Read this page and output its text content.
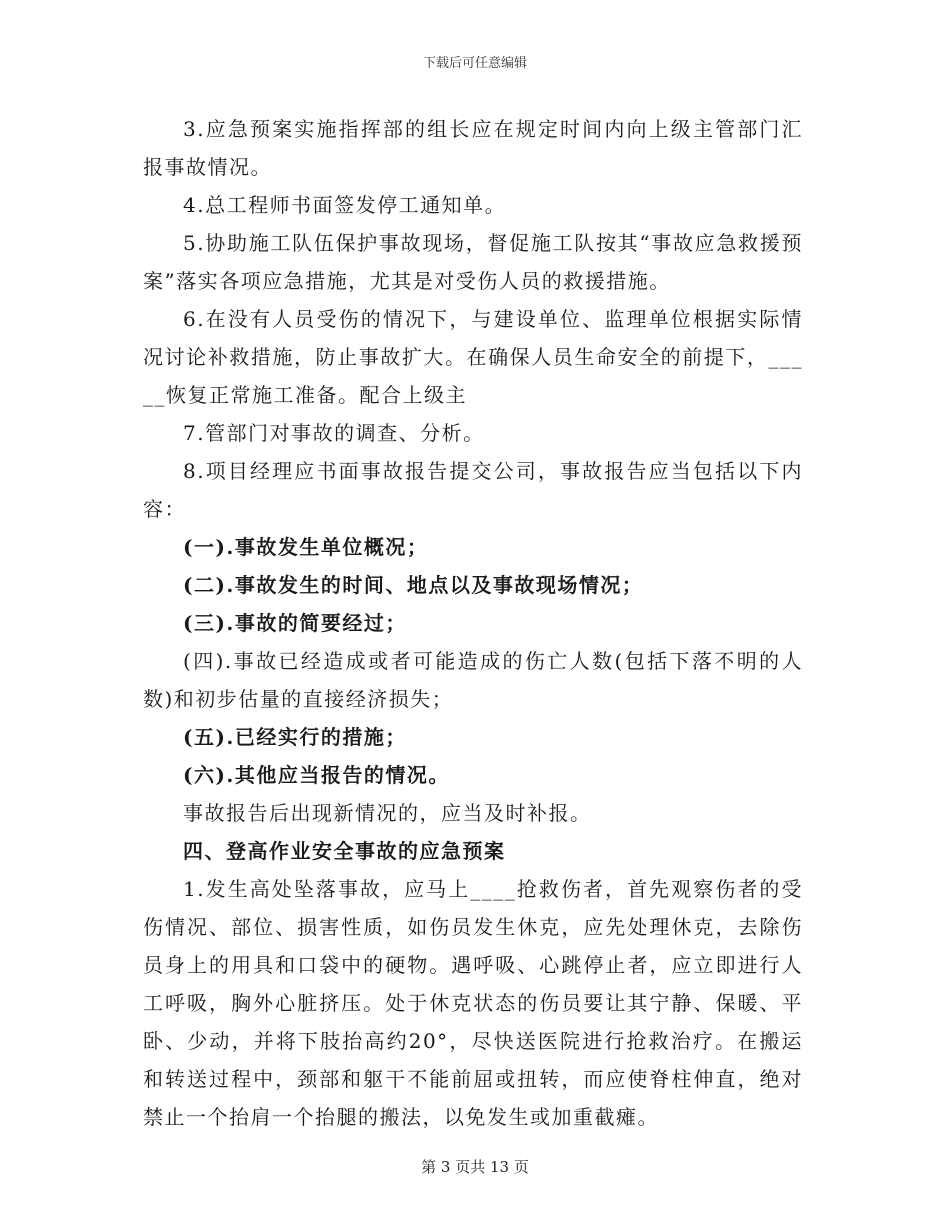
下载后可任意编辑

3.应急预案实施指挥部的组长应在规定时间内向上级主管部门汇报事故情况。

4.总工程师书面签发停工通知单。

5.协助施工队伍保护事故现场，督促施工队按其“事故应急救援预案”落实各项应急措施，尤其是对受伤人员的救援措施。

6.在没有人员受伤的情况下，与建设单位、监理单位根据实际情况讨论补救措施，防止事故扩大。在确保人员生命安全的前提下，_____恢复正常施工准备。配合上级主

7.管部门对事故的调查、分析。

8.项目经理应书面事故报告提交公司，事故报告应当包括以下内容：

(一).事故发生单位概况；

(二).事故发生的时间、地点以及事故现场情况；

(三).事故的简要经过；

(四).事故已经造成或者可能造成的伤亡人数(包括下落不明的人数)和初步估量的直接经济损失；

(五).已经实行的措施；

(六).其他应当报告的情况。

事故报告后出现新情况的，应当及时补报。

四、登高作业安全事故的应急预案

1.发生高处坠落事故，应马上____抢救伤者，首先观察伤者的受伤情况、部位、损害性质，如伤员发生休克，应先处理休克，去除伤员身上的用具和口袋中的硬物。遇呼吸、心跳停止者，应立即进行人工呼吸，胸外心脏挤压。处于休克状态的伤员要让其宁静、保暖、平卧、少动，并将下肢抬高约20°，尽快送医院进行抢救治疗。在搬运和转送过程中，颈部和躯干不能前屈或扭转，而应使脊柱伸直，绝对禁止一个抬肩一个抬腿的搬法，以免发生或加重截瘫。

第 3 页共 13 页
